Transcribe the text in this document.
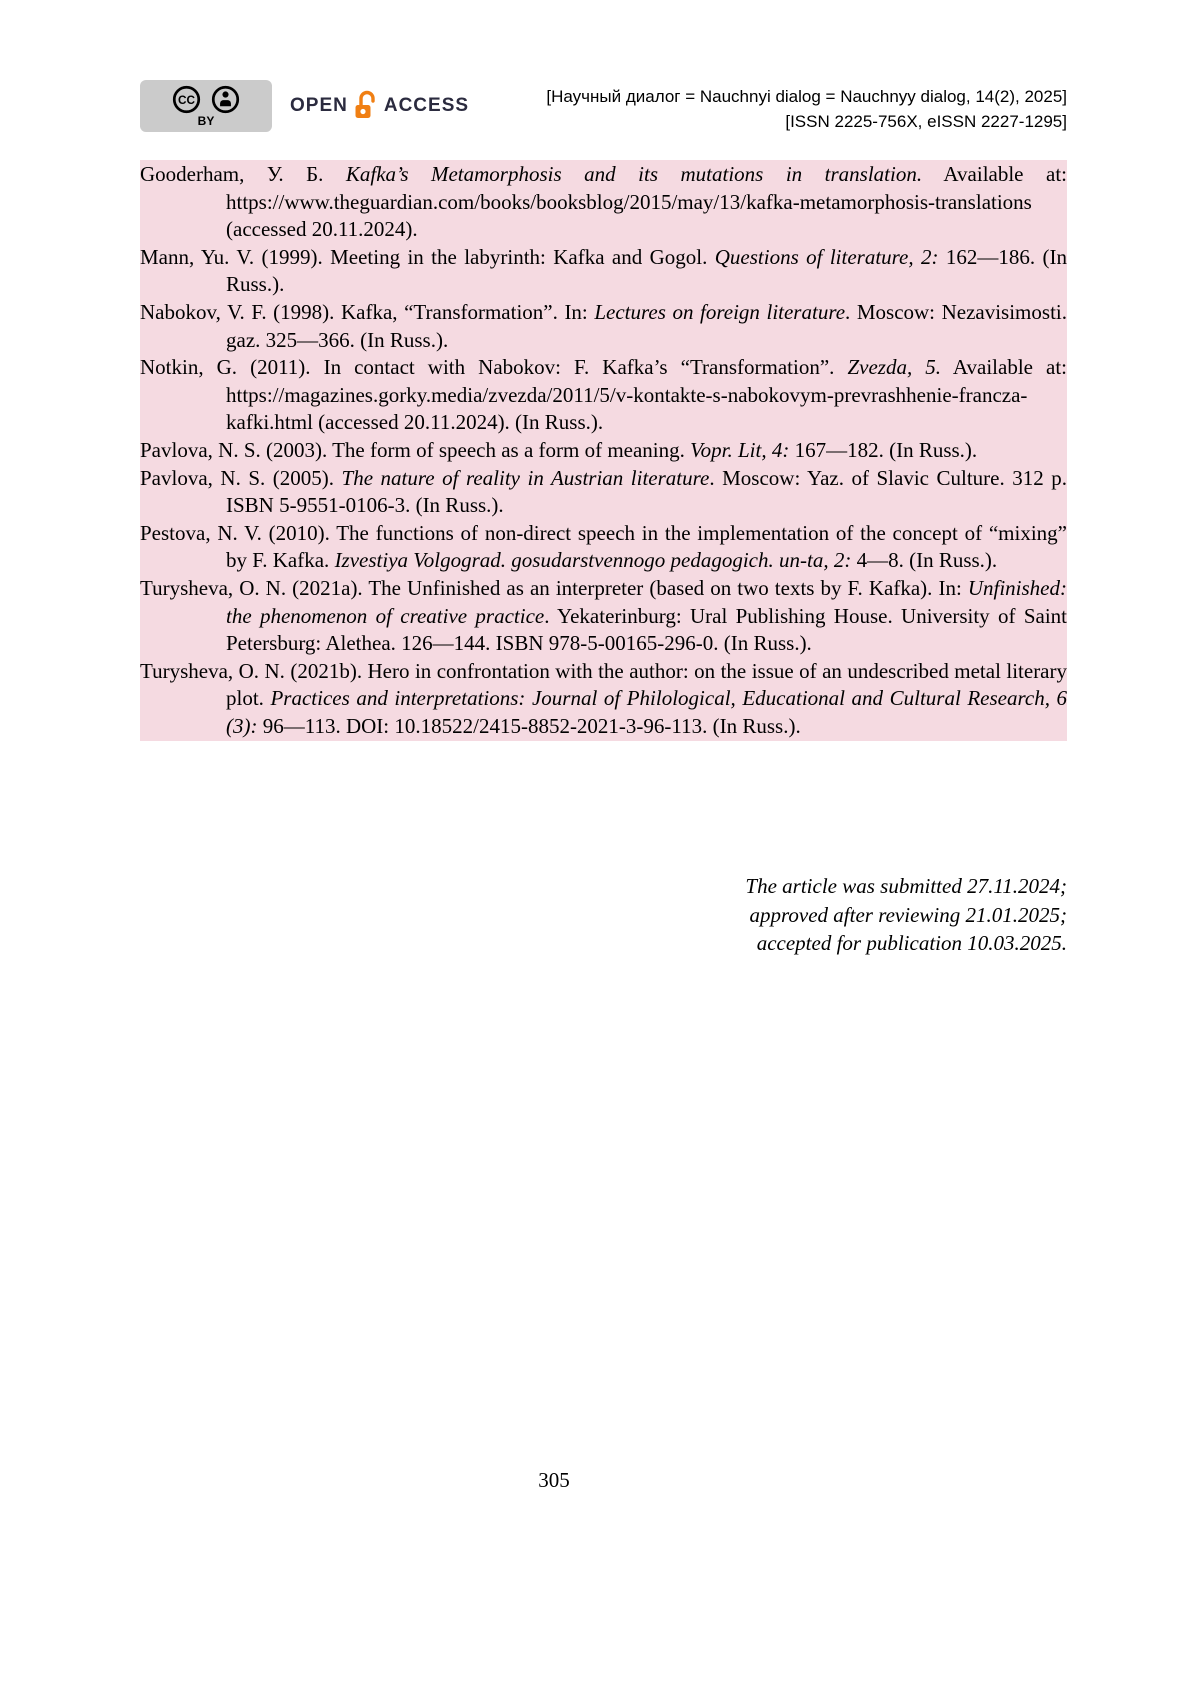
CC
BY
OPEN ACCESS	[Научный диалог = Nauchnyi dialog = Nauchnyy dialog, 14(2), 2025]
[ISSN 2225-756X, eISSN 2227-1295]

Gooderham, У. Б. Kafka’s Metamorphosis and its mutations in translation. Available at: https://www.theguardian.com/books/booksblog/2015/may/13/kafka-metamorphosis-translations (accessed 20.11.2024).

Mann, Yu. V. (1999). Meeting in the labyrinth: Kafka and Gogol. Questions of literature, 2: 162—186. (In Russ.).

Nabokov, V. F. (1998). Kafka, “Transformation”. In: Lectures on foreign literature. Moscow: Nezavisimosti. gaz. 325—366. (In Russ.).

Notkin, G. (2011). In contact with Nabokov: F. Kafka’s “Transformation”. Zvezda, 5. Available at: https://magazines.gorky.media/zvezda/2011/5/v-kontakte-s-nabokovym-prevrashhenie-francza-kafki.html (accessed 20.11.2024). (In Russ.).

Pavlova, N. S. (2003). The form of speech as a form of meaning. Vopr. Lit, 4: 167—182. (In Russ.).

Pavlova, N. S. (2005). The nature of reality in Austrian literature. Moscow: Yaz. of Slavic Culture. 312 p. ISBN 5-9551-0106-3. (In Russ.).

Pestova, N. V. (2010). The functions of non-direct speech in the implementation of the concept of “mixing” by F. Kafka. Izvestiya Volgograd. gosudarstvennogo pedagogich. un-ta, 2: 4—8. (In Russ.).

Turysheva, O. N. (2021a). The Unfinished as an interpreter (based on two texts by F. Kafka). In: Unfinished: the phenomenon of creative practice. Yekaterinburg: Ural Publishing House. University of Saint Petersburg: Alethea. 126—144. ISBN 978-5-00165-296-0. (In Russ.).

Turysheva, O. N. (2021b). Hero in confrontation with the author: on the issue of an undescribed metal literary plot. Practices and interpretations: Journal of Philological, Educational and Cultural Research, 6 (3): 96—113. DOI: 10.18522/2415-8852-2021-3-96-113. (In Russ.).

The article was submitted 27.11.2024;
approved after reviewing 21.01.2025;
accepted for publication 10.03.2025.
305
